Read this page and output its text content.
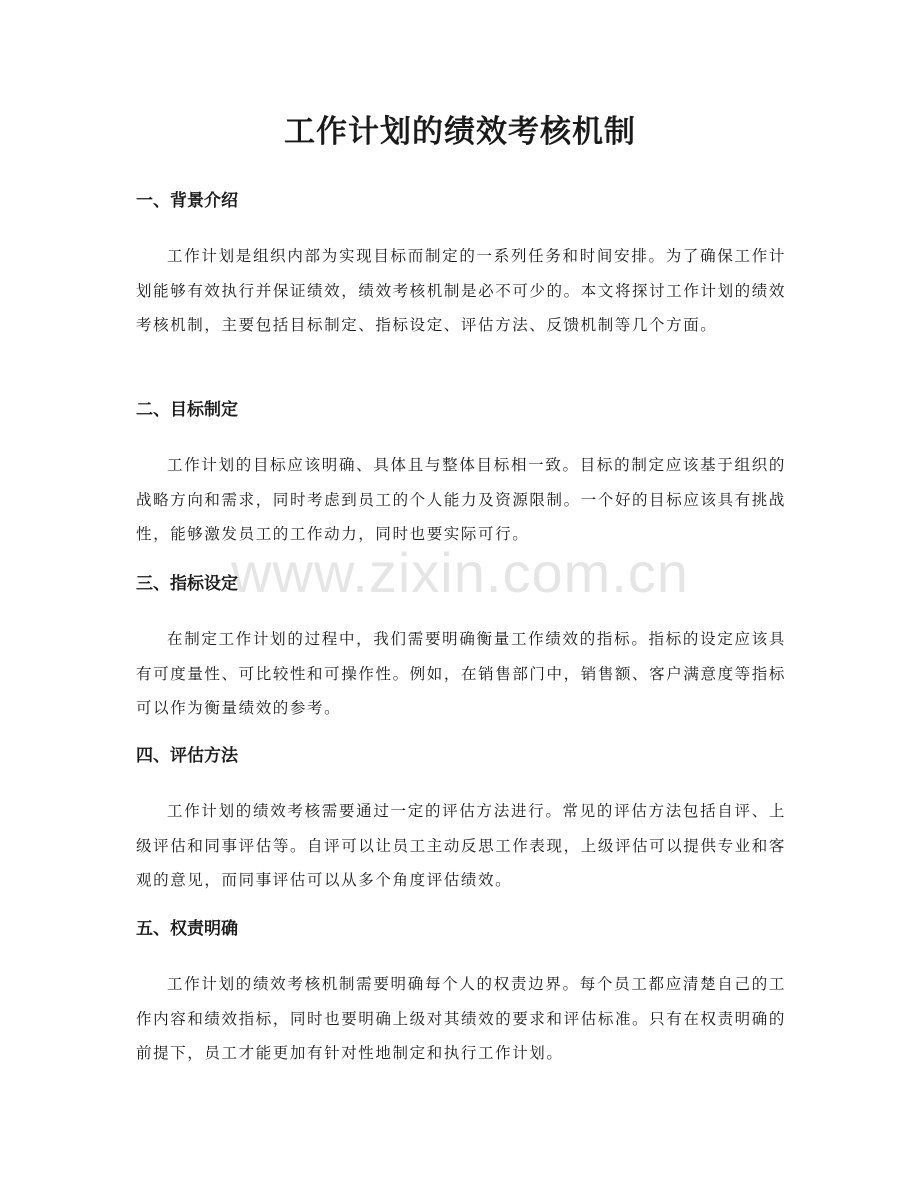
工作计划的绩效考核机制
一、背景介绍

工作计划是组织内部为实现目标而制定的一系列任务和时间安排。为了确保工作计划能够有效执行并保证绩效，绩效考核机制是必不可少的。本文将探讨工作计划的绩效考核机制，主要包括目标制定、指标设定、评估方法、反馈机制等几个方面。

二、目标制定

工作计划的目标应该明确、具体且与整体目标相一致。目标的制定应该基于组织的战略方向和需求，同时考虑到员工的个人能力及资源限制。一个好的目标应该具有挑战性，能够激发员工的工作动力，同时也要实际可行。

三、指标设定

在制定工作计划的过程中，我们需要明确衡量工作绩效的指标。指标的设定应该具有可度量性、可比较性和可操作性。例如，在销售部门中，销售额、客户满意度等指标可以作为衡量绩效的参考。

四、评估方法

工作计划的绩效考核需要通过一定的评估方法进行。常见的评估方法包括自评、上级评估和同事评估等。自评可以让员工主动反思工作表现，上级评估可以提供专业和客观的意见，而同事评估可以从多个角度评估绩效。

五、权责明确

工作计划的绩效考核机制需要明确每个人的权责边界。每个员工都应清楚自己的工作内容和绩效指标，同时也要明确上级对其绩效的要求和评估标准。只有在权责明确的前提下，员工才能更加有针对性地制定和执行工作计划。

www.zixin.com.cn
